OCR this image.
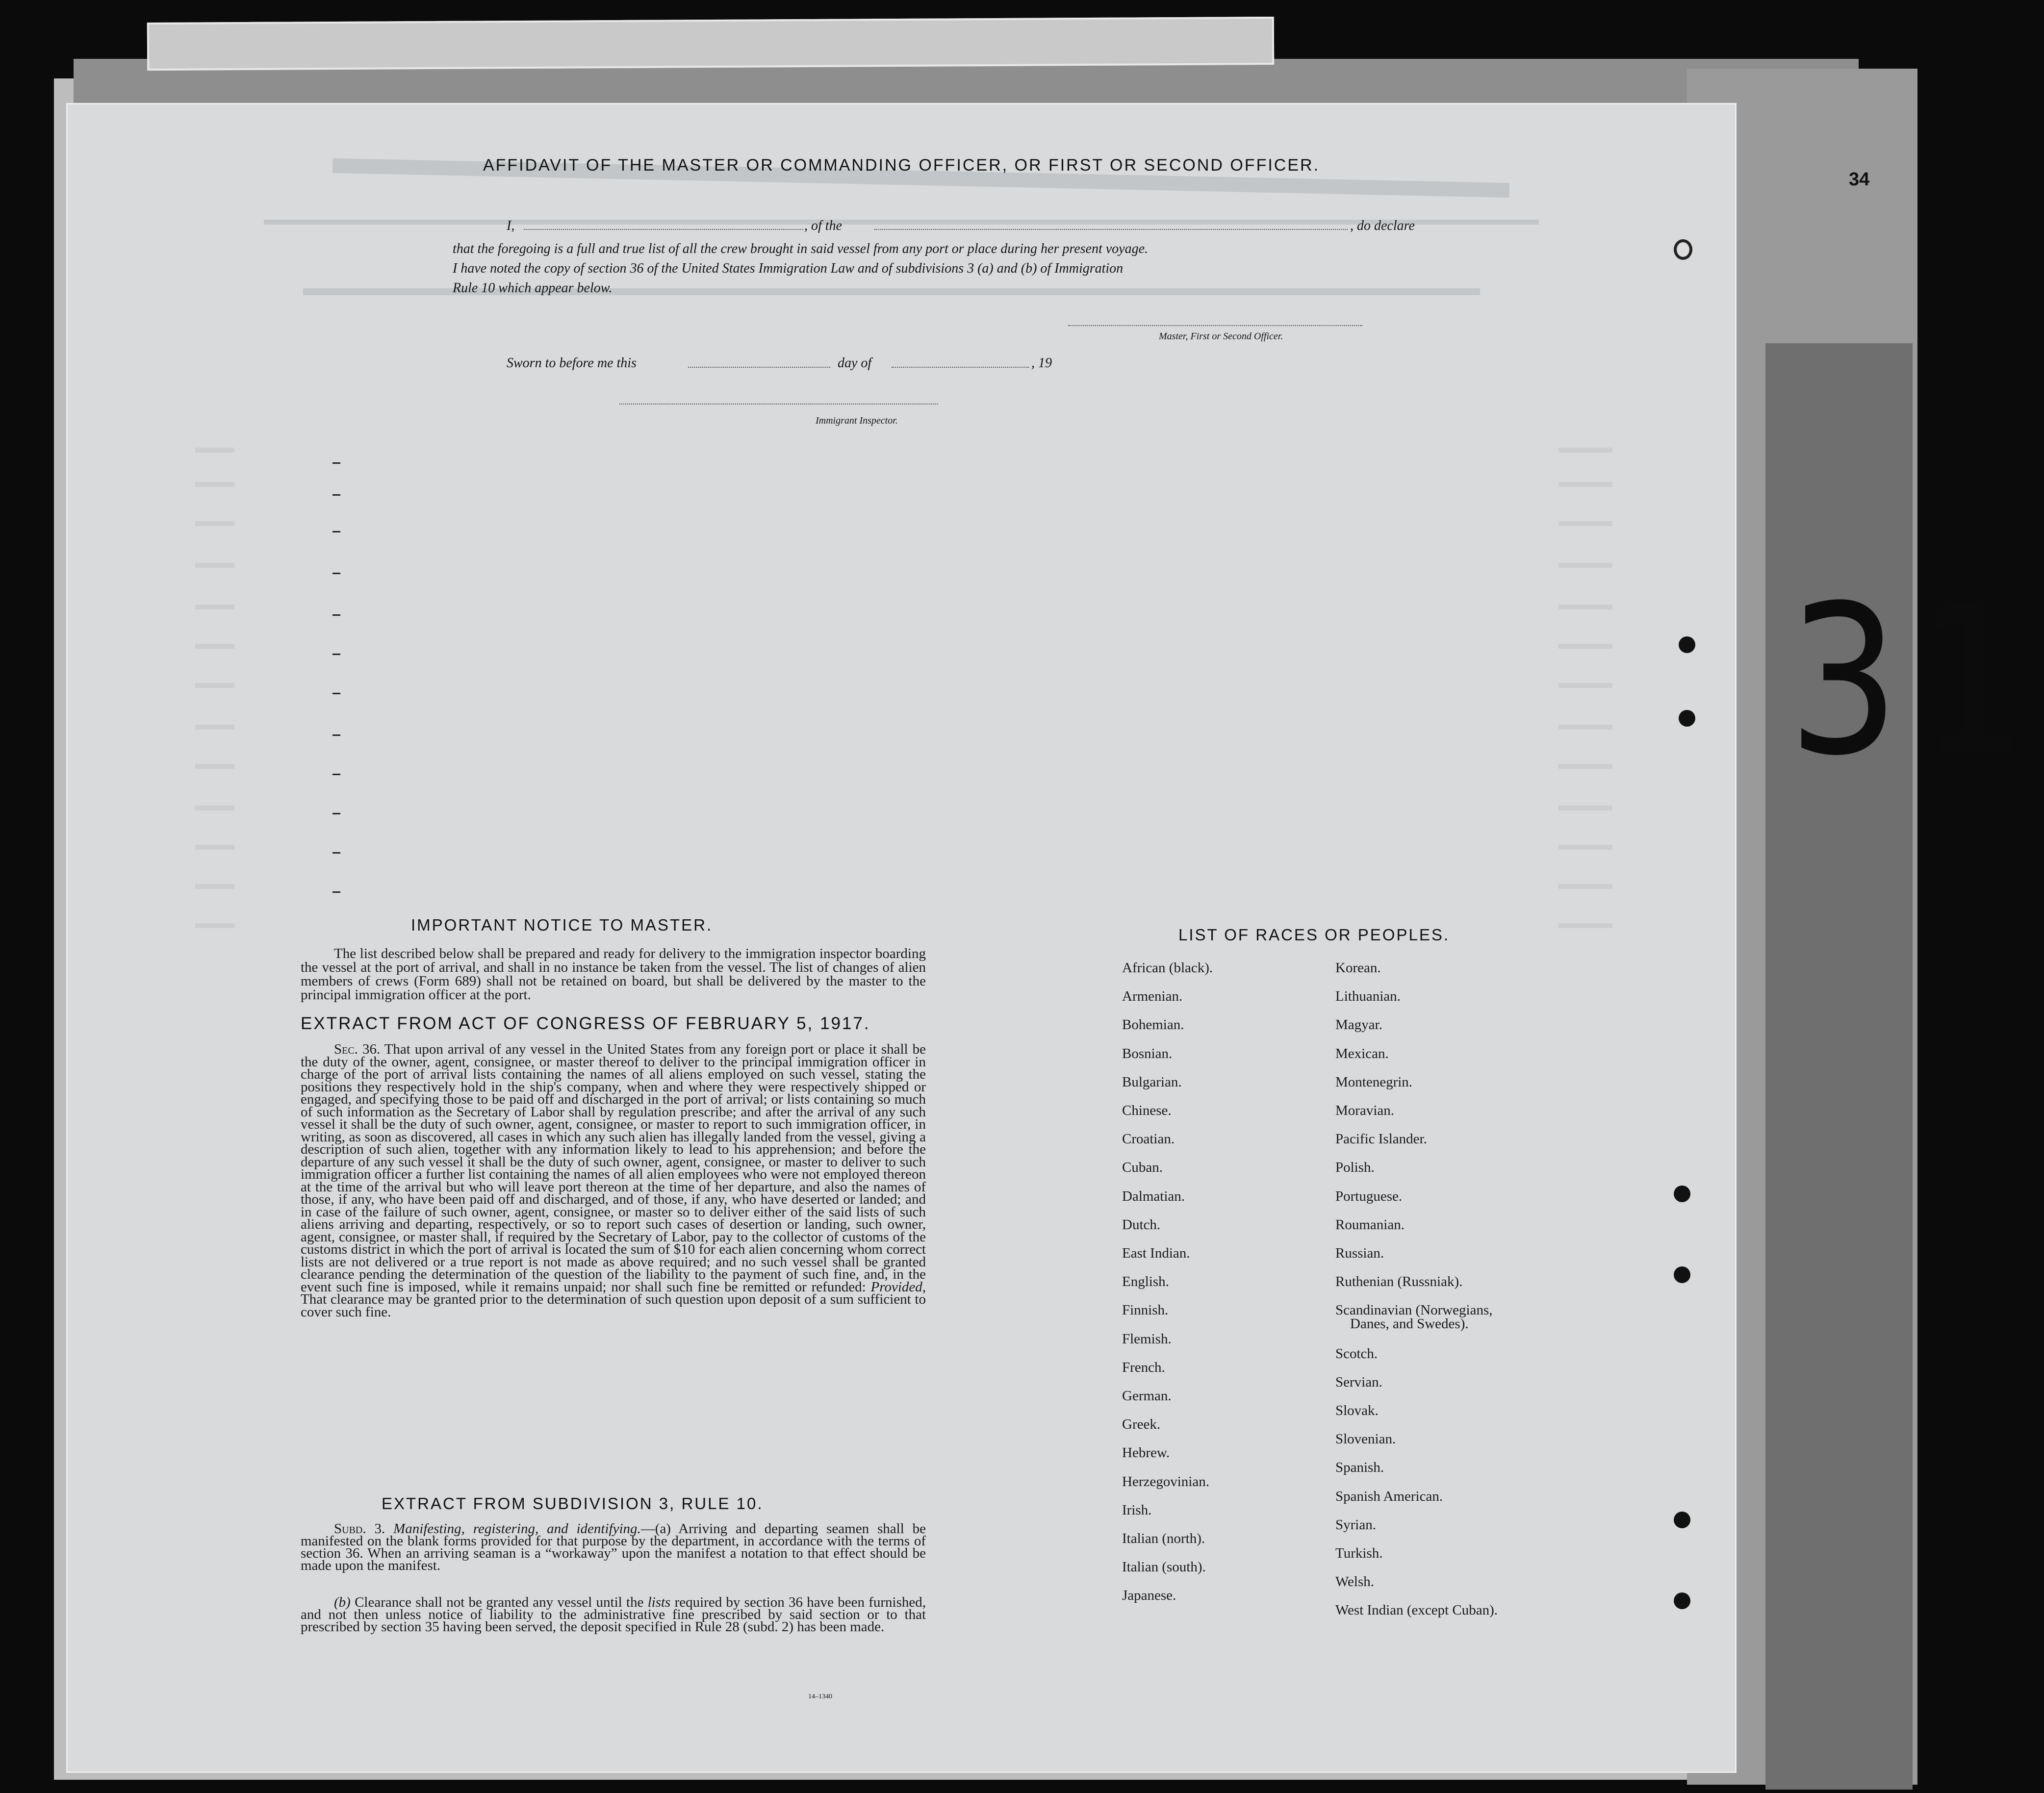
34
31
AFFIDAVIT OF THE MASTER OR COMMANDING OFFICER, OR FIRST OR SECOND OFFICER.
I,	, of the	, do declare
that the foregoing is a full and true list of all the crew brought in said vessel from any port or place during her present voyage.
I have noted the copy of section 36 of the United States Immigration Law and of subdivisions 3 (a) and (b) of Immigration
Rule 10 which appear below.
Master, First or Second Officer.
Sworn to before me this	day of	, 19
Immigrant Inspector.
IMPORTANT NOTICE TO MASTER.
The list described below shall be prepared and ready for delivery to the immigration inspector boarding the vessel at the port of arrival, and shall in no instance be taken from the vessel. The list of changes of alien members of crews (Form 689) shall not be retained on board, but shall be delivered by the master to the principal immigration officer at the port.
EXTRACT FROM ACT OF CONGRESS OF FEBRUARY 5, 1917.
Sec. 36. That upon arrival of any vessel in the United States from any foreign port or place it shall be the duty of the owner, agent, consignee, or master thereof to deliver to the principal immigration officer in charge of the port of arrival lists containing the names of all aliens employed on such vessel, stating the positions they respectively hold in the ship's company, when and where they were respectively shipped or engaged, and specifying those to be paid off and discharged in the port of arrival; or lists containing so much of such information as the Secretary of Labor shall by regulation prescribe; and after the arrival of any such vessel it shall be the duty of such owner, agent, consignee, or master to report to such immigration officer, in writing, as soon as discovered, all cases in which any such alien has illegally landed from the vessel, giving a description of such alien, together with any information likely to lead to his apprehension; and before the departure of any such vessel it shall be the duty of such owner, agent, consignee, or master to deliver to such immigration officer a further list containing the names of all alien employees who were not employed thereon at the time of the arrival but who will leave port thereon at the time of her departure, and also the names of those, if any, who have been paid off and discharged, and of those, if any, who have deserted or landed; and in case of the failure of such owner, agent, consignee, or master so to deliver either of the said lists of such aliens arriving and departing, respectively, or so to report such cases of desertion or landing, such owner, agent, consignee, or master shall, if required by the Secretary of Labor, pay to the collector of customs of the customs district in which the port of arrival is located the sum of $10 for each alien concerning whom correct lists are not delivered or a true report is not made as above required; and no such vessel shall be granted clearance pending the determination of the question of the liability to the payment of such fine, and, in the event such fine is imposed, while it remains unpaid; nor shall such fine be remitted or refunded: Provided, That clearance may be granted prior to the determination of such question upon deposit of a sum sufficient to cover such fine.
EXTRACT FROM SUBDIVISION 3, RULE 10.
Subd. 3. Manifesting, registering, and identifying.—(a) Arriving and departing seamen shall be manifested on the blank forms provided for that purpose by the department, in accordance with the terms of section 36. When an arriving seaman is a “workaway” upon the manifest a notation to that effect should be made upon the manifest.
(b) Clearance shall not be granted any vessel until the lists required by section 36 have been furnished, and not then unless notice of liability to the administrative fine prescribed by said section or to that prescribed by section 35 having been served, the deposit specified in Rule 28 (subd. 2) has been made.
14–1340
LIST OF RACES OR PEOPLES.
African (black).
Armenian.
Bohemian.
Bosnian.
Bulgarian.
Chinese.
Croatian.
Cuban.
Dalmatian.
Dutch.
East Indian.
English.
Finnish.
Flemish.
French.
German.
Greek.
Hebrew.
Herzegovinian.
Irish.
Italian (north).
Italian (south).
Japanese.
Korean.
Lithuanian.
Magyar.
Mexican.
Montenegrin.
Moravian.
Pacific Islander.
Polish.
Portuguese.
Roumanian.
Russian.
Ruthenian (Russniak).
Scandinavian (Norwegians,
Danes, and Swedes).
Scotch.
Servian.
Slovak.
Slovenian.
Spanish.
Spanish American.
Syrian.
Turkish.
Welsh.
West Indian (except Cuban).
